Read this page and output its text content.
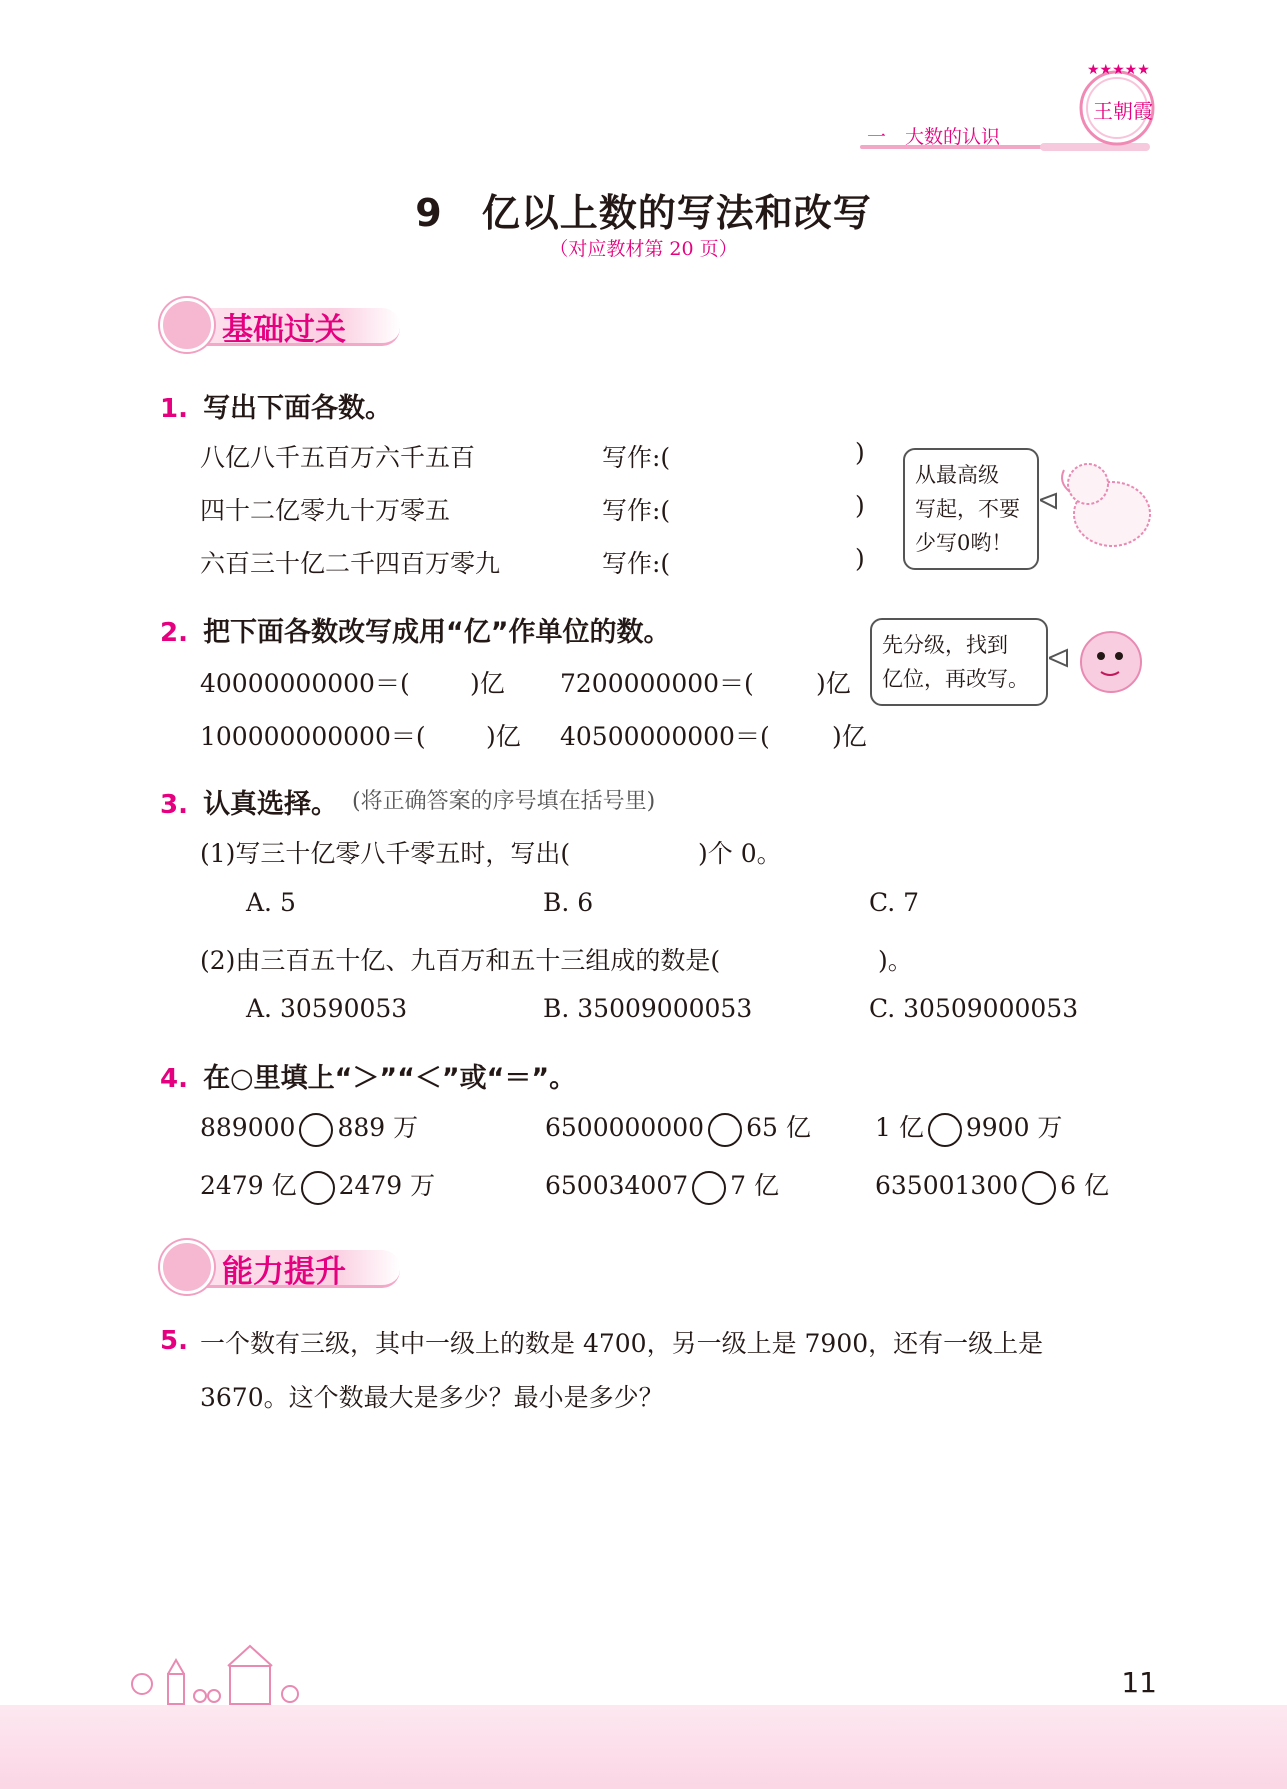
一　大数的认识
★★★★★
王朝霞
9　亿以上数的写法和改写
（对应教材第 20 页）
基础过关
1. 写出下面各数。
八亿八千五百万六千五百	写作:(	)
四十二亿零九十万零五	写作:(	)
六百三十亿二千四百万零九	写作:(	)
从最高级
写起，不要
少写0哟！
2. 把下面各数改写成用“亿”作单位的数。
40000000000＝( )亿 7200000000＝( )亿
100000000000＝( )亿 40500000000＝( )亿
先分级，找到
亿位，再改写。
3. 认真选择。 (将正确答案的序号填在括号里)
(1)写三十亿零八千零五时，写出(	)个 0。
A. 5	B. 6	C. 7
(2)由三百五十亿、九百万和五十三组成的数是(	)。
A. 30590053	B. 35009000053	C. 30509000053
4. 在○里填上“＞”“＜”或“＝”。
889000 889 万	6500000000 65 亿	1 亿 9900 万
2479 亿 2479 万	650034007 7 亿	635001300 6 亿
能力提升
5. 一个数有三级，其中一级上的数是 4700，另一级上是 7900，还有一级上是
3670。这个数最大是多少？最小是多少？
11
